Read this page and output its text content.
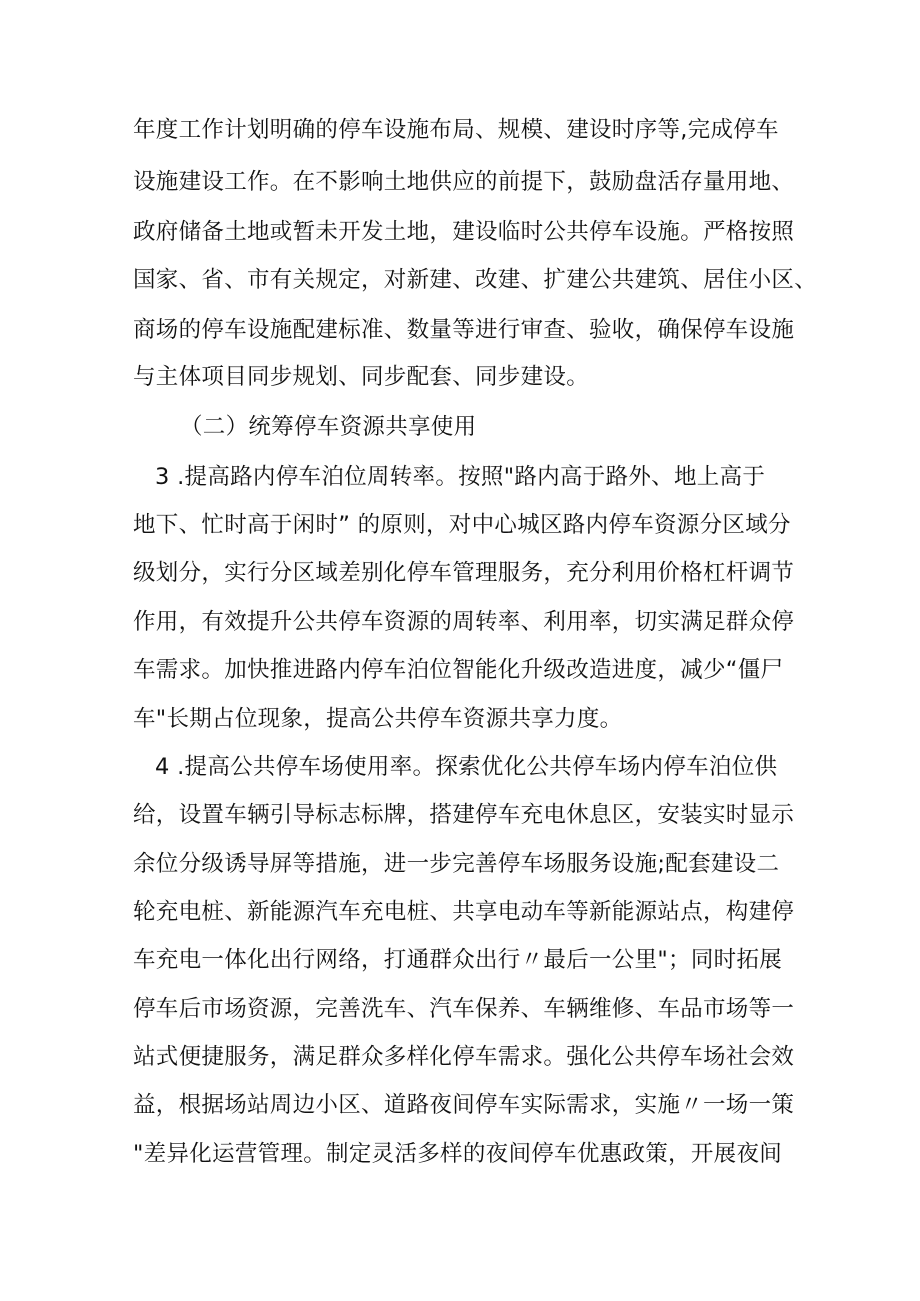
年度工作计划明确的停车设施布局、规模、建设时序等,完成停车
设施建设工作。在不影响土地供应的前提下，鼓励盘活存量用地、
政府储备土地或暂未开发土地，建设临时公共停车设施。严格按照
国家、省、市有关规定，对新建、改建、扩建公共建筑、居住小区、
商场的停车设施配建标准、数量等进行审查、验收，确保停车设施
与主体项目同步规划、同步配套、同步建设。
（二）统筹停车资源共享使用
3 .提高路内停车泊位周转率。按照"路内高于路外、地上高于
地下、忙时高于闲时” 的原则，对中心城区路内停车资源分区域分
级划分，实行分区域差别化停车管理服务，充分利用价格杠杆调节
作用，有效提升公共停车资源的周转率、利用率，切实满足群众停
车需求。加快推进路内停车泊位智能化升级改造进度，减少“僵尸
车"长期占位现象，提高公共停车资源共享力度。
4 .提高公共停车场使用率。探索优化公共停车场内停车泊位供
给，设置车辆引导标志标牌，搭建停车充电休息区，安装实时显示
余位分级诱导屏等措施，进一步完善停车场服务设施;配套建设二
轮充电桩、新能源汽车充电桩、共享电动车等新能源站点，构建停
车充电一体化出行网络，打通群众出行〃最后一公里"；同时拓展
停车后市场资源，完善洗车、汽车保养、车辆维修、车品市场等一
站式便捷服务，满足群众多样化停车需求。强化公共停车场社会效
益，根据场站周边小区、道路夜间停车实际需求，实施〃一场一策
"差异化运营管理。制定灵活多样的夜间停车优惠政策，开展夜间
